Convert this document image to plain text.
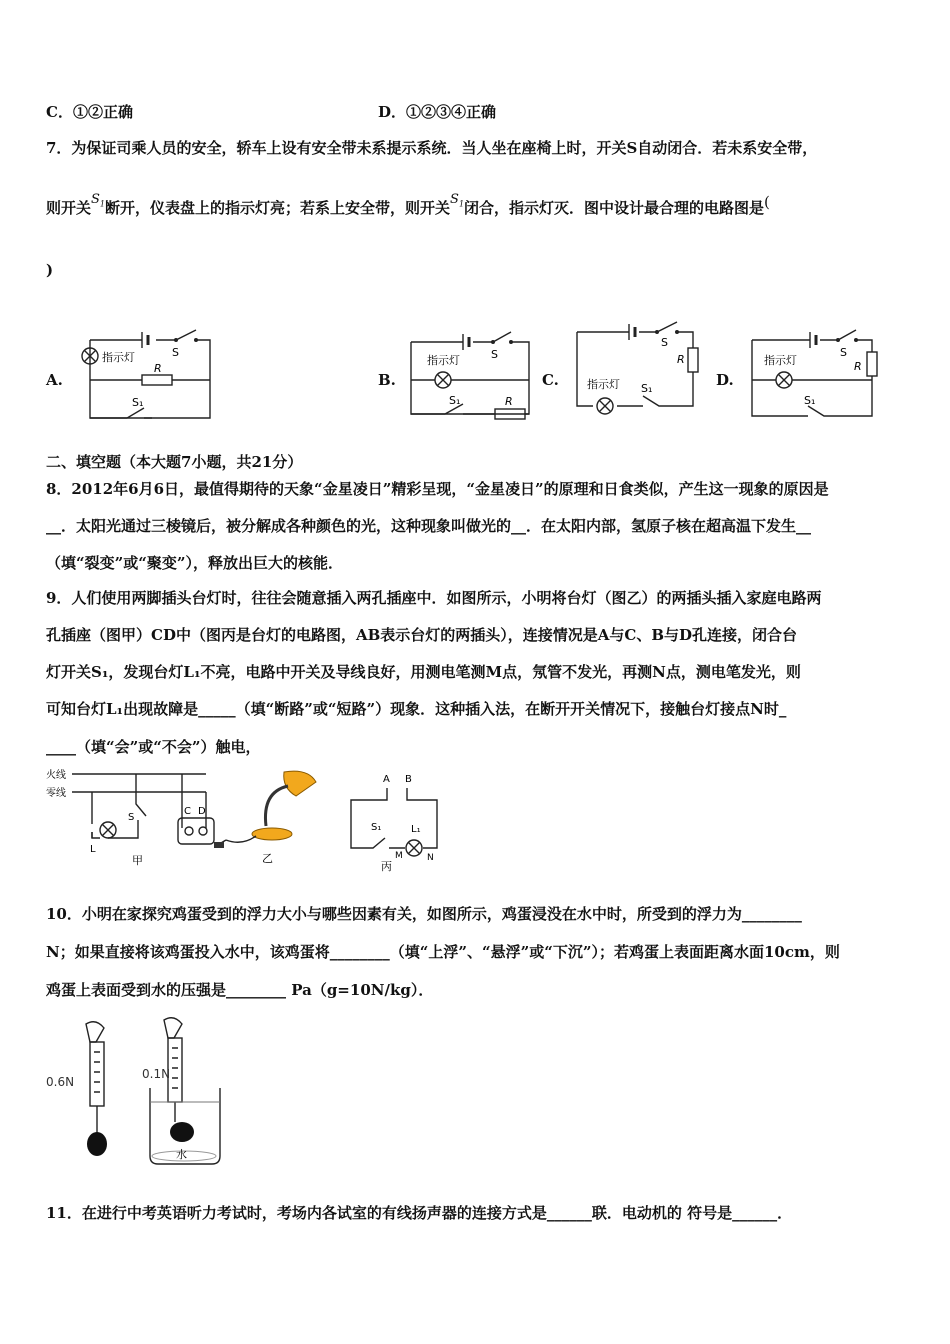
C．①②正确	D．①②③④正确
7．为保证司乘人员的安全，轿车上设有安全带未系提示系统．当人坐在座椅上时，开关S自动闭合．若未系安全带，
则开关$S_1$断开，仪表盘上的指示灯亮；若系上安全带，则开关$S_1$闭合，指示灯灭．图中设计最合理的电路图是(
)
A.	B.	C.	D.
指示灯	S
R
S₁
指示灯	S
S₁	R
指示灯
S
R
S₁
指示灯
S
R
S₁
二、填空题（本大题7小题，共21分）
8．2012年6月6日，最值得期待的天象“金星凌日”精彩呈现，“金星凌日”的原理和日食类似，产生这一现象的原因是
__．太阳光通过三棱镜后，被分解成各种颜色的光，这种现象叫做光的__．在太阳内部，氢原子核在超高温下发生__
（填“裂变”或“聚变”），释放出巨大的核能．
9．人们使用两脚插头台灯时，往往会随意插入两孔插座中．如图所示，小明将台灯（图乙）的两插头插入家庭电路两
孔插座（图甲）CD中（图丙是台灯的电路图，AB表示台灯的两插头），连接情况是A与C、B与D孔连接，闭合台
灯开关S₁，发现台灯L₁不亮，电路中开关及导线良好，用测电笔测M点，氖管不发光，再测N点，测电笔发光，则
可知台灯L₁出现故障是_____（填“断路”或“短路”）现象．这种插入法，在断开开关情况下，接触台灯接点N时_
____（填“会”或“不会”）触电，
火线
零线
S
L
C D
甲	乙
A B
S₁	L₁
M	N
丙
10．小明在家探究鸡蛋受到的浮力大小与哪些因素有关，如图所示，鸡蛋浸没在水中时，所受到的浮力为________
N；如果直接将该鸡蛋投入水中，该鸡蛋将________（填“上浮”、“悬浮”或“下沉”）；若鸡蛋上表面距离水面10cm，则
鸡蛋上表面受到水的压强是________ Pa（g=10N/kg）．
0.6N
0.1N
水
11．在进行中考英语听力考试时，考场内各试室的有线扬声器的连接方式是______联．电动机的 符号是______．
